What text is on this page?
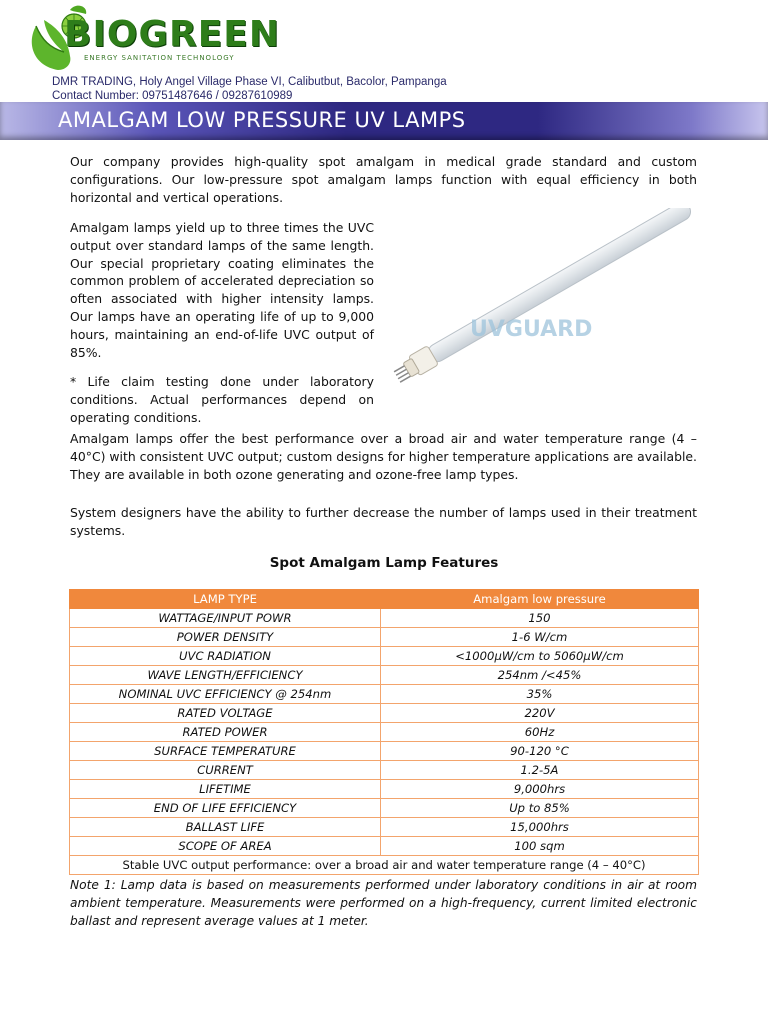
BIOGREEN
ENERGY SANITATION TECHNOLOGY
DMR TRADING, Holy Angel Village Phase VI, Calibutbut, Bacolor, Pampanga
Contact Number: 09751487646 / 09287610989
AMALGAM LOW PRESSURE UV LAMPS

Our company provides high-quality spot amalgam in medical grade standard and custom configurations. Our low-pressure spot amalgam lamps function with equal efficiency in both horizontal and vertical operations.

Amalgam lamps yield up to three times the UVC output over standard lamps of the same length. Our special proprietary coating eliminates the common problem of accelerated depreciation so often associated with higher intensity lamps. Our lamps have an operating life of up to 9,000 hours, maintaining an end-of-life UVC output of 85%.

* Life claim testing done under laboratory conditions. Actual performances depend on operating conditions.

UVGUARD

Amalgam lamps offer the best performance over a broad air and water temperature range (4 – 40°C) with consistent UVC output; custom designs for higher temperature applications are available. They are available in both ozone generating and ozone-free lamp types.

System designers have the ability to further decrease the number of lamps used in their treatment systems.

Spot Amalgam Lamp Features
LAMP TYPE	Amalgam low pressure
WATTAGE/INPUT POWR	150
POWER DENSITY	1-6 W/cm
UVC RADIATION	<1000µW/cm to 5060µW/cm
WAVE LENGTH/EFFICIENCY	254nm /<45%
NOMINAL UVC EFFICIENCY @ 254nm	35%
RATED VOLTAGE	220V
RATED POWER	60Hz
SURFACE TEMPERATURE	90-120 °C
CURRENT	1.2-5A
LIFETIME	9,000hrs
END OF LIFE EFFICIENCY	Up to 85%
BALLAST LIFE	15,000hrs
SCOPE OF AREA	100 sqm
Stable UVC output performance: over a broad air and water temperature range (4 – 40°C)	

Note 1: Lamp data is based on measurements performed under laboratory conditions in air at room ambient temperature. Measurements were performed on a high-frequency, current limited electronic ballast and represent average values at 1 meter.
